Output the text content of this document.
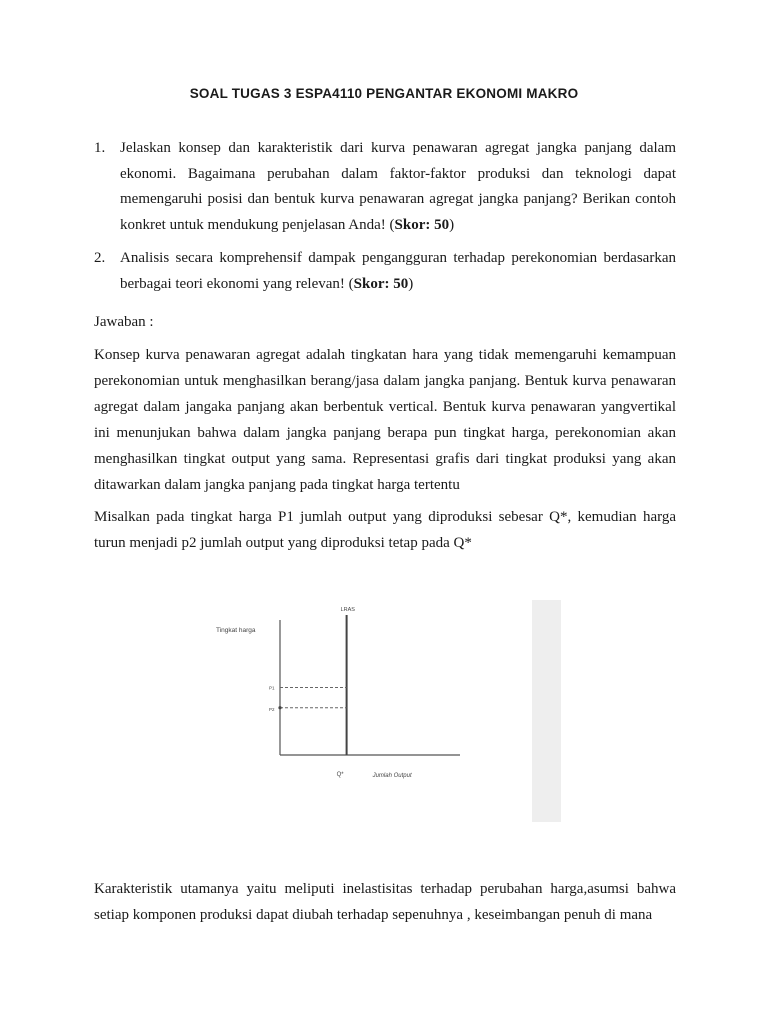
SOAL TUGAS 3 ESPA4110 PENGANTAR EKONOMI MAKRO
1. Jelaskan konsep dan karakteristik dari kurva penawaran agregat jangka panjang dalam ekonomi. Bagaimana perubahan dalam faktor-faktor produksi dan teknologi dapat memengaruhi posisi dan bentuk kurva penawaran agregat jangka panjang? Berikan contoh konkret untuk mendukung penjelasan Anda! (Skor: 50)
2. Analisis secara komprehensif dampak pengangguran terhadap perekonomian berdasarkan berbagai teori ekonomi yang relevan! (Skor: 50)
Jawaban :
Konsep kurva penawaran agregat adalah tingkatan hara yang tidak memengaruhi kemampuan perekonomian untuk menghasilkan berang/jasa dalam jangka panjang. Bentuk kurva penawaran agregat dalam jangaka panjang akan berbentuk vertical. Bentuk kurva penawaran yangvertikal ini menunjukan bahwa dalam jangka panjang berapa pun tingkat harga, perekonomian akan menghasilkan tingkat output yang sama. Representasi grafis dari tingkat produksi yang akan ditawarkan dalam jangka panjang pada tingkat harga tertentu
Misalkan pada tingkat harga P1 jumlah output yang diproduksi sebesar Q*, kemudian harga turun menjadi p2 jumlah output yang diproduksi tetap pada Q*
Tingkat harga
Jumlah Output
LRAS
Q*
P1
P2
Karakteristik utamanya yaitu meliputi inelastisitas terhadap perubahan harga,asumsi bahwa setiap komponen produksi dapat diubah terhadap sepenuhnya , keseimbangan penuh di mana
